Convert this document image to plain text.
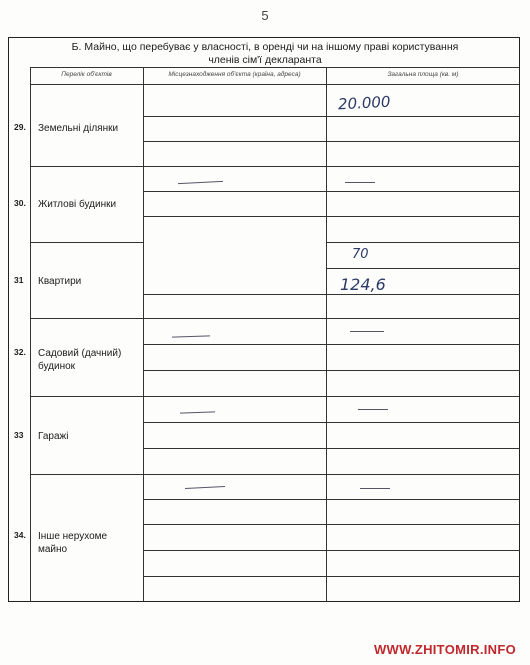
5
Б. Майно, що перебуває у власності, в оренді чи на іншому праві користування
членів сім'ї декларанта
Перелік об'єктів	Місцезнаходження об'єкта (країна, адреса)	Загальна площа (кв. м)
29. Земельні ділянки
30. Житлові будинки
31 Квартири
32. Садовий (дачний) будинок
33 Гаражі
34. Інше нерухоме майно
20.000
70
124,6
WWW.ZHITOMIR.INFO
